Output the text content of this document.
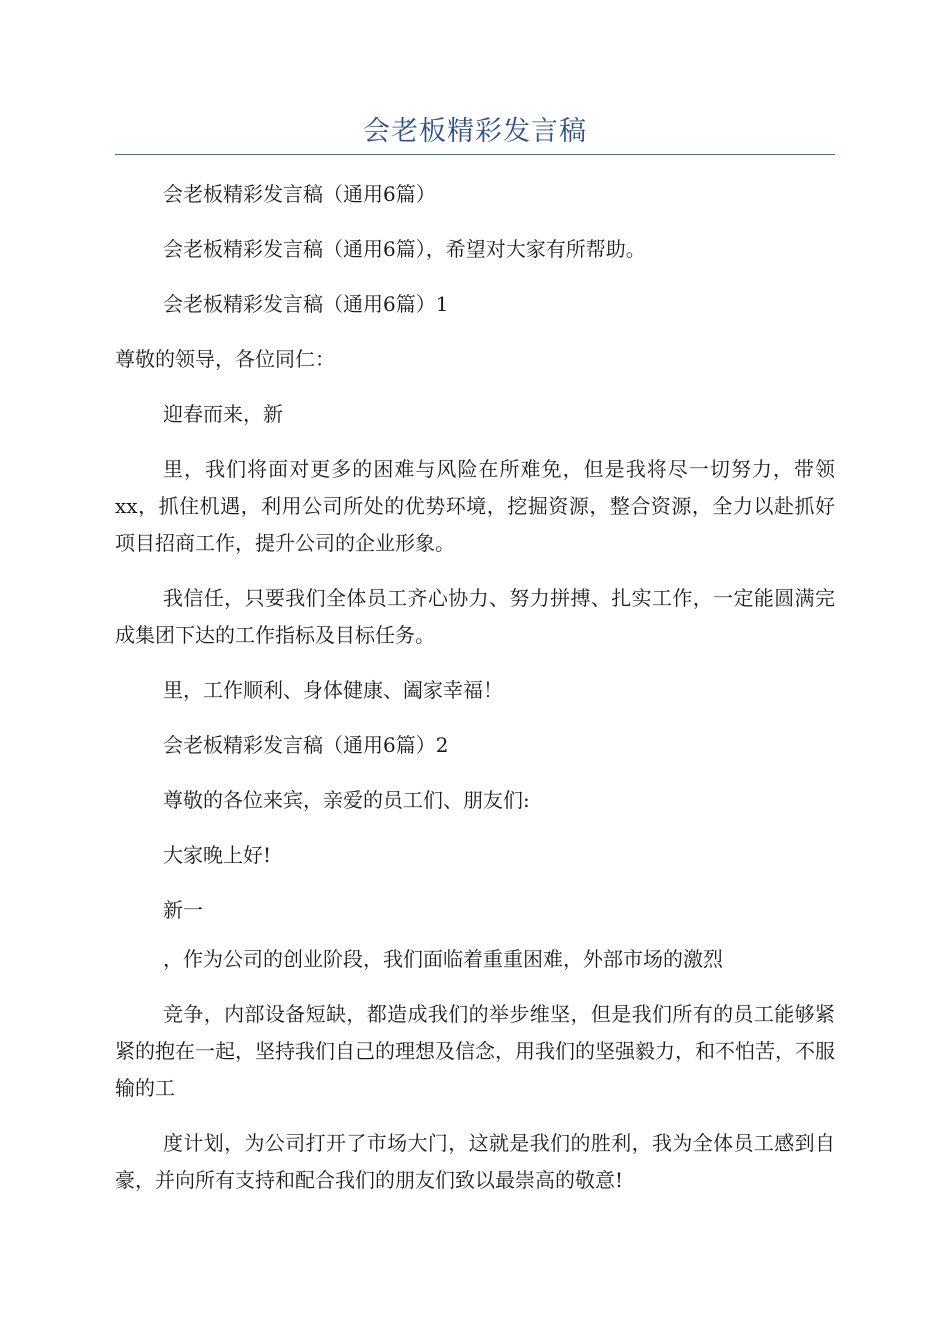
会老板精彩发言稿

会老板精彩发言稿（通用6篇）

会老板精彩发言稿（通用6篇），希望对大家有所帮助。

会老板精彩发言稿（通用6篇）1

尊敬的领导，各位同仁：

迎春而来，新

里，我们将面对更多的困难与风险在所难免，但是我将尽一切努力，带领xx，抓住机遇，利用公司所处的优势环境，挖掘资源，整合资源，全力以赴抓好项目招商工作，提升公司的企业形象。

我信任，只要我们全体员工齐心协力、努力拼搏、扎实工作，一定能圆满完成集团下达的工作指标及目标任务。

里，工作顺利、身体健康、阖家幸福！

会老板精彩发言稿（通用6篇）2

尊敬的各位来宾，亲爱的员工们、朋友们:

大家晚上好!

新一

，作为公司的创业阶段，我们面临着重重困难，外部市场的激烈

竞争，内部设备短缺，都造成我们的举步维坚，但是我们所有的员工能够紧紧的抱在一起，坚持我们自己的理想及信念，用我们的坚强毅力，和不怕苦，不服输的工

度计划，为公司打开了市场大门，这就是我们的胜利，我为全体员工感到自豪，并向所有支持和配合我们的朋友们致以最崇高的敬意!
